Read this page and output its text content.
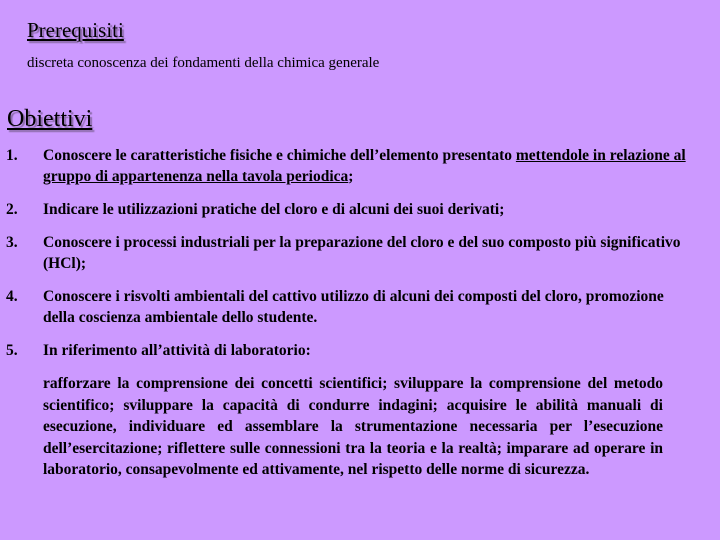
Prerequisiti
discreta conoscenza dei fondamenti della chimica generale
Obiettivi
1. Conoscere le caratteristiche fisiche e chimiche dell’elemento presentato mettendole in relazione al gruppo di appartenenza nella tavola periodica;
2. Indicare le utilizzazioni pratiche del cloro e di alcuni dei suoi derivati;
3. Conoscere i processi industriali per la preparazione del cloro e del suo composto più significativo (HCl);
4. Conoscere i risvolti ambientali del cattivo utilizzo di alcuni dei composti del cloro, promozione della coscienza ambientale dello studente.
5. In riferimento all’attività di laboratorio:
rafforzare la comprensione dei concetti scientifici; sviluppare la comprensione del metodo scientifico; sviluppare la capacità di condurre indagini; acquisire le abilità manuali di esecuzione, individuare ed assemblare la strumentazione necessaria per l’esecuzione dell’esercitazione; riflettere sulle connessioni tra la teoria e la realtà; imparare ad operare in laboratorio, consapevolmente ed attivamente, nel rispetto delle norme di sicurezza.
